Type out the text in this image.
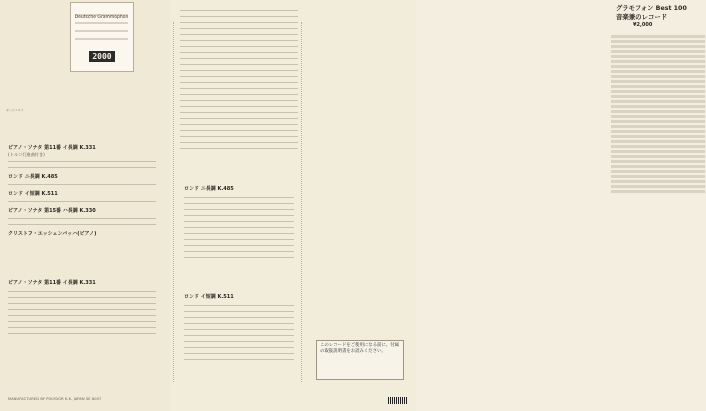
Deutsche Grammophon
2000
モーツァルト

ピアノ・ソナタ 第11番 イ長調 K.331

(トルコ行進曲付き)

ロンド ニ長調 K.485

ロンド イ短調 K.511

ピアノ・ソナタ 第15番 ハ長調 K.330

クリストフ・エッシェンバッハ(ピアノ)

ピアノ・ソナタ 第11番 イ長調 K.331

ロンド ニ長調 K.485

ロンド イ短調 K.511

グラモフォン Best 100
音楽兼のレコード
¥2,000
このレコードをご使用になる前に、付属の取扱説明書をお読みください。
MANUFACTURED BY POLYDOR K.K. JAPAN SE 8007
